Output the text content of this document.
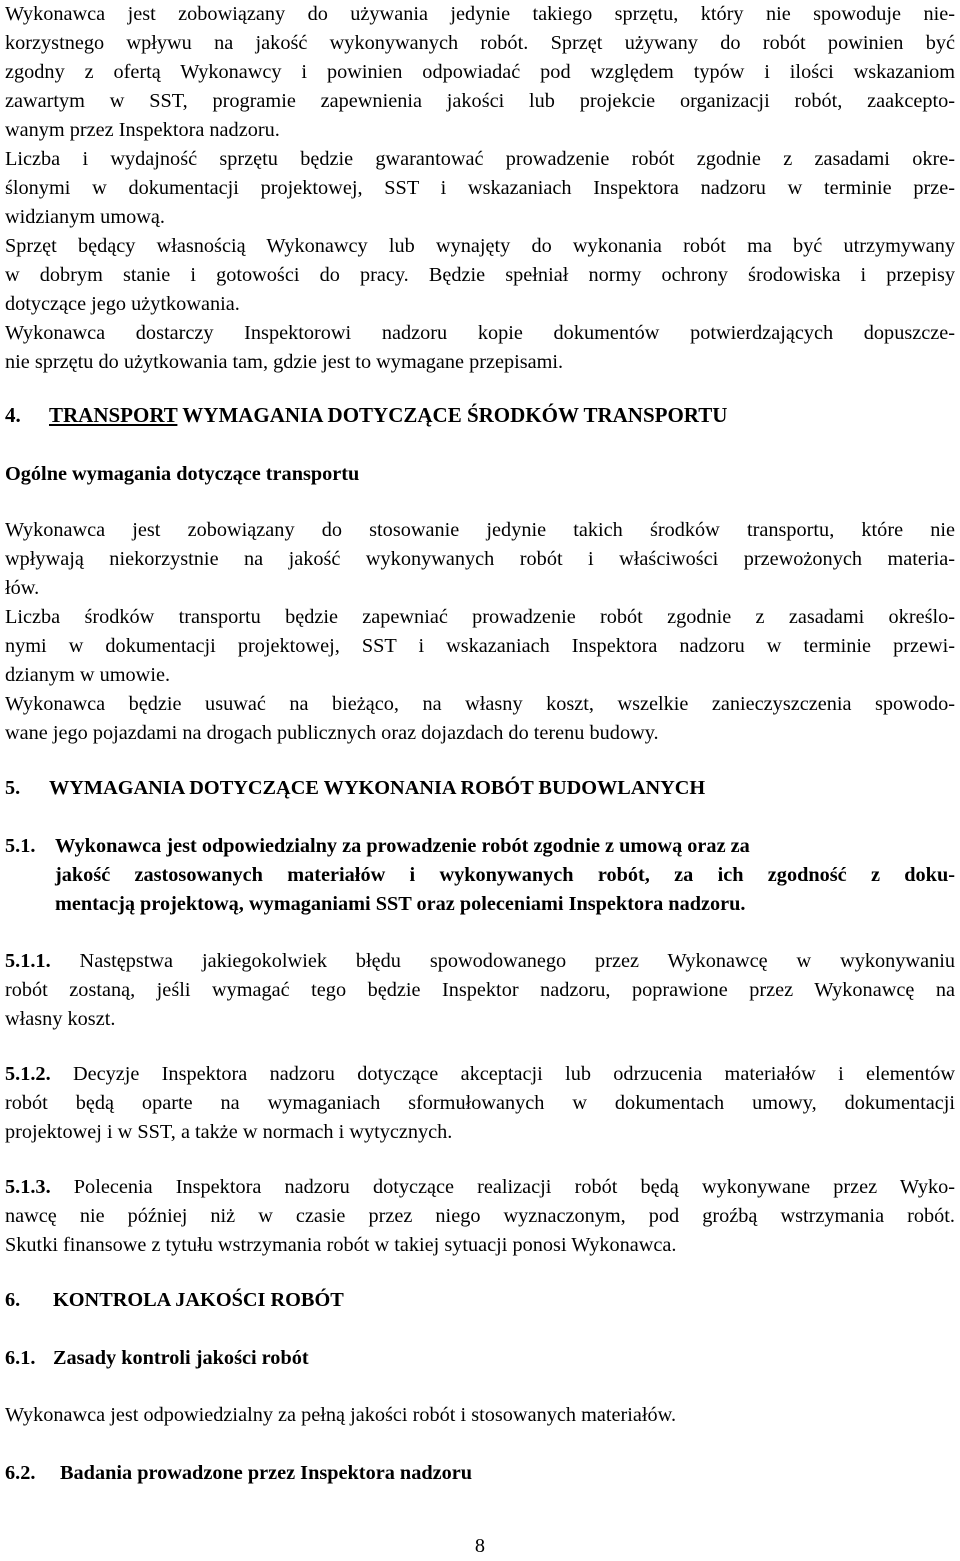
Wykonawca jest zobowiązany do używania jedynie takiego sprzętu, który nie spowoduje nie-

korzystnego wpływu na jakość wykonywanych robót. Sprzęt używany do robót powinien być

zgodny z ofertą Wykonawcy i powinien odpowiadać pod względem typów i ilości wskazaniom

zawartym w SST, programie zapewnienia jakości lub projekcie organizacji robót, zaakcepto-

wanym przez Inspektora nadzoru.

Liczba i wydajność sprzętu będzie gwarantować prowadzenie robót zgodnie z zasadami okre-

ślonymi w dokumentacji projektowej, SST i wskazaniach Inspektora nadzoru w terminie prze-

widzianym umową.

Sprzęt będący własnością Wykonawcy lub wynajęty do wykonania robót ma być utrzymywany

w dobrym stanie i gotowości do pracy. Będzie spełniał normy ochrony środowiska i przepisy

dotyczące jego użytkowania.

Wykonawca dostarczy Inspektorowi nadzoru kopie dokumentów potwierdzających dopuszcze-

nie sprzętu do użytkowania tam, gdzie jest to wymagane przepisami.

4.	TRANSPORT WYMAGANIA DOTYCZĄCE ŚRODKÓW TRANSPORTU

Ogólne wymagania dotyczące transportu

Wykonawca jest zobowiązany do stosowanie jedynie takich środków transportu, które nie

wpływają niekorzystnie na jakość wykonywanych robót i właściwości przewożonych materia-

łów.

Liczba środków transportu będzie zapewniać prowadzenie robót zgodnie z zasadami określo-

nymi w dokumentacji projektowej, SST i wskazaniach Inspektora nadzoru w terminie przewi-

dzianym w umowie.

Wykonawca będzie usuwać na bieżąco, na własny koszt, wszelkie zanieczyszczenia spowodo-

wane jego pojazdami na drogach publicznych oraz dojazdach do terenu budowy.

5.	WYMAGANIA DOTYCZĄCE WYKONANIA ROBÓT BUDOWLANYCH
5.1. Wykonawca jest odpowiedzialny za prowadzenie robót zgodnie z umową oraz za

jakość zastosowanych materiałów i wykonywanych robót, za ich zgodność z doku-

mentacją projektową, wymaganiami SST oraz poleceniami Inspektora nadzoru.

5.1.1. Następstwa jakiegokolwiek błędu spowodowanego przez Wykonawcę w wykonywaniu

robót zostaną, jeśli wymagać tego będzie Inspektor nadzoru, poprawione przez Wykonawcę na

własny koszt.

5.1.2. Decyzje Inspektora nadzoru dotyczące akceptacji lub odrzucenia materiałów i elementów

robót będą oparte na wymaganiach sformułowanych w dokumentach umowy, dokumentacji

projektowej i w SST, a także w normach i wytycznych.

5.1.3. Polecenia Inspektora nadzoru dotyczące realizacji robót będą wykonywane przez Wyko-

nawcę nie później niż w czasie przez niego wyznaczonym, pod groźbą wstrzymania robót.

Skutki finansowe z tytułu wstrzymania robót w takiej sytuacji ponosi Wykonawca.

6.	KONTROLA JAKOŚCI ROBÓT
6.1. Zasady kontroli jakości robót

Wykonawca jest odpowiedzialny za pełną jakości robót i stosowanych materiałów.

6.2.	Badania prowadzone przez Inspektora nadzoru
8
